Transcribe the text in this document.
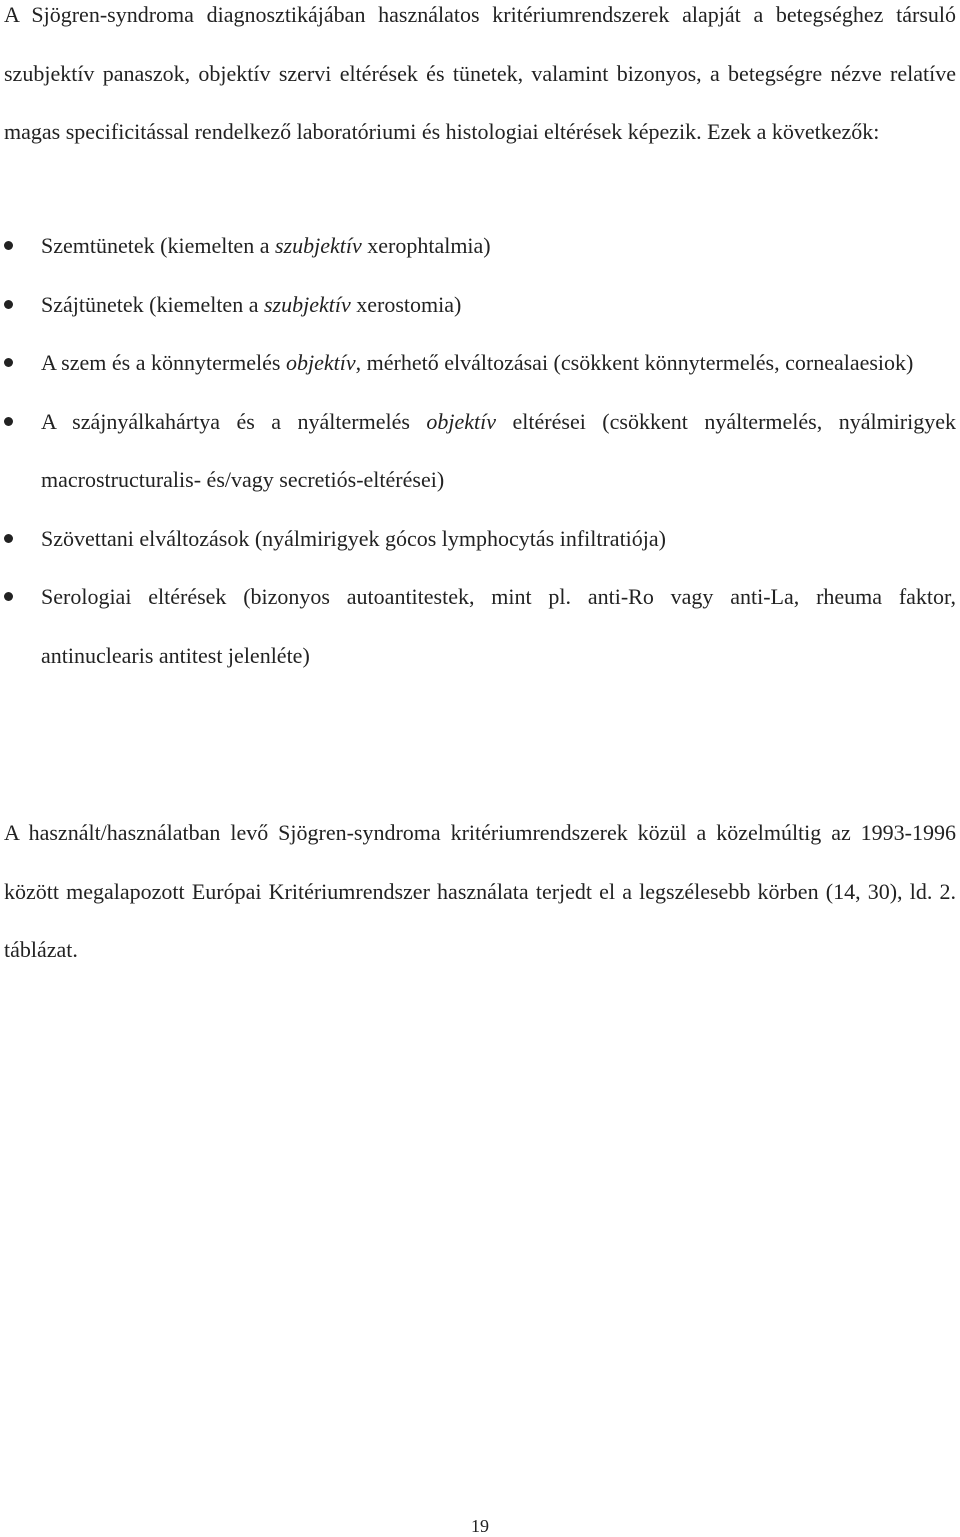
A Sjögren-syndroma diagnosztikájában használatos kritériumrendszerek alapját a betegséghez társuló szubjektív panaszok, objektív szervi eltérések és tünetek, valamint bizonyos, a betegségre nézve relatíve magas specificitással rendelkező laboratóriumi és histologiai eltérések képezik. Ezek a következők:

Szemtünetek (kiemelten a szubjektív xerophtalmia)
Szájtünetek (kiemelten a szubjektív xerostomia)
A szem és a könnytermelés objektív, mérhető elváltozásai (csökkent könnytermelés, cornealaesiok)
A szájnyálkahártya és a nyáltermelés objektív eltérései (csökkent nyáltermelés, nyálmirigyek macrostructuralis- és/vagy secretiós-eltérései)
Szövettani elváltozások (nyálmirigyek gócos lymphocytás infiltratiója)
Serologiai eltérések (bizonyos autoantitestek, mint pl. anti-Ro vagy anti-La, rheuma faktor, antinuclearis antitest jelenléte)

A használt/használatban levő Sjögren-syndroma kritériumrendszerek közül a közelmúltig az 1993-1996 között megalapozott Európai Kritériumrendszer használata terjedt el a legszélesebb körben (14, 30), ld. 2. táblázat.

19
